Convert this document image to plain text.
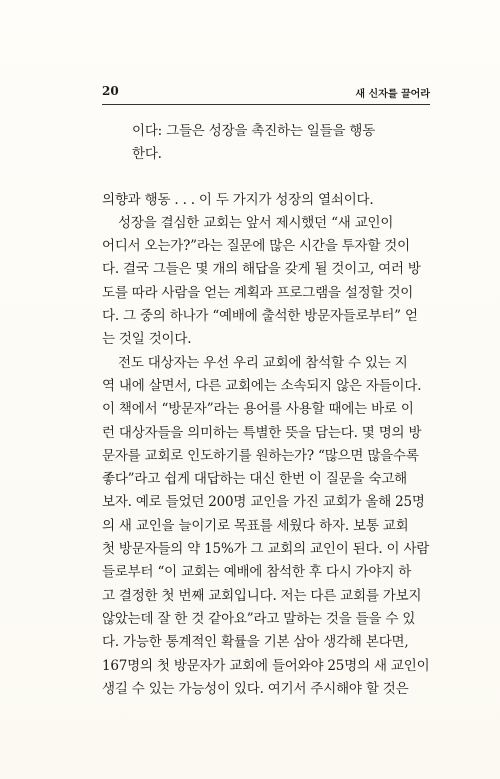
20	새 신자를 끌어라
이다: 그들은 성장을 촉진하는 일들을 행동
한다.

의향과 행동 . . . 이 두 가지가 성장의 열쇠이다.

성장을 결심한 교회는 앞서 제시했던 “새 교인이
어디서 오는가?”라는 질문에 많은 시간을 투자할 것이
다. 결국 그들은 몇 개의 해답을 갖게 될 것이고, 여러 방
도를 따라 사람을 얻는 계획과 프로그램을 설정할 것이
다. 그 중의 하나가 “예배에 출석한 방문자들로부터” 얻
는 것일 것이다.

전도 대상자는 우선 우리 교회에 참석할 수 있는 지
역 내에 살면서, 다른 교회에는 소속되지 않은 자들이다.
이 책에서 “방문자”라는 용어를 사용할 때에는 바로 이
런 대상자들을 의미하는 특별한 뜻을 담는다. 몇 명의 방
문자를 교회로 인도하기를 원하는가? “많으면 많을수록
좋다”라고 쉽게 대답하는 대신 한번 이 질문을 숙고해
보자. 예로 들었던 200명 교인을 가진 교회가 올해 25명
의 새 교인을 늘이기로 목표를 세웠다 하자. 보통 교회
첫 방문자들의 약 15%가 그 교회의 교인이 된다. 이 사람
들로부터 “이 교회는 예배에 참석한 후 다시 가야지 하
고 결정한 첫 번째 교회입니다. 저는 다른 교회를 가보지
않았는데 잘 한 것 같아요”라고 말하는 것을 들을 수 있
다. 가능한 통계적인 확률을 기본 삼아 생각해 본다면,
167명의 첫 방문자가 교회에 들어와야 25명의 새 교인이
생길 수 있는 가능성이 있다. 여기서 주시해야 할 것은
